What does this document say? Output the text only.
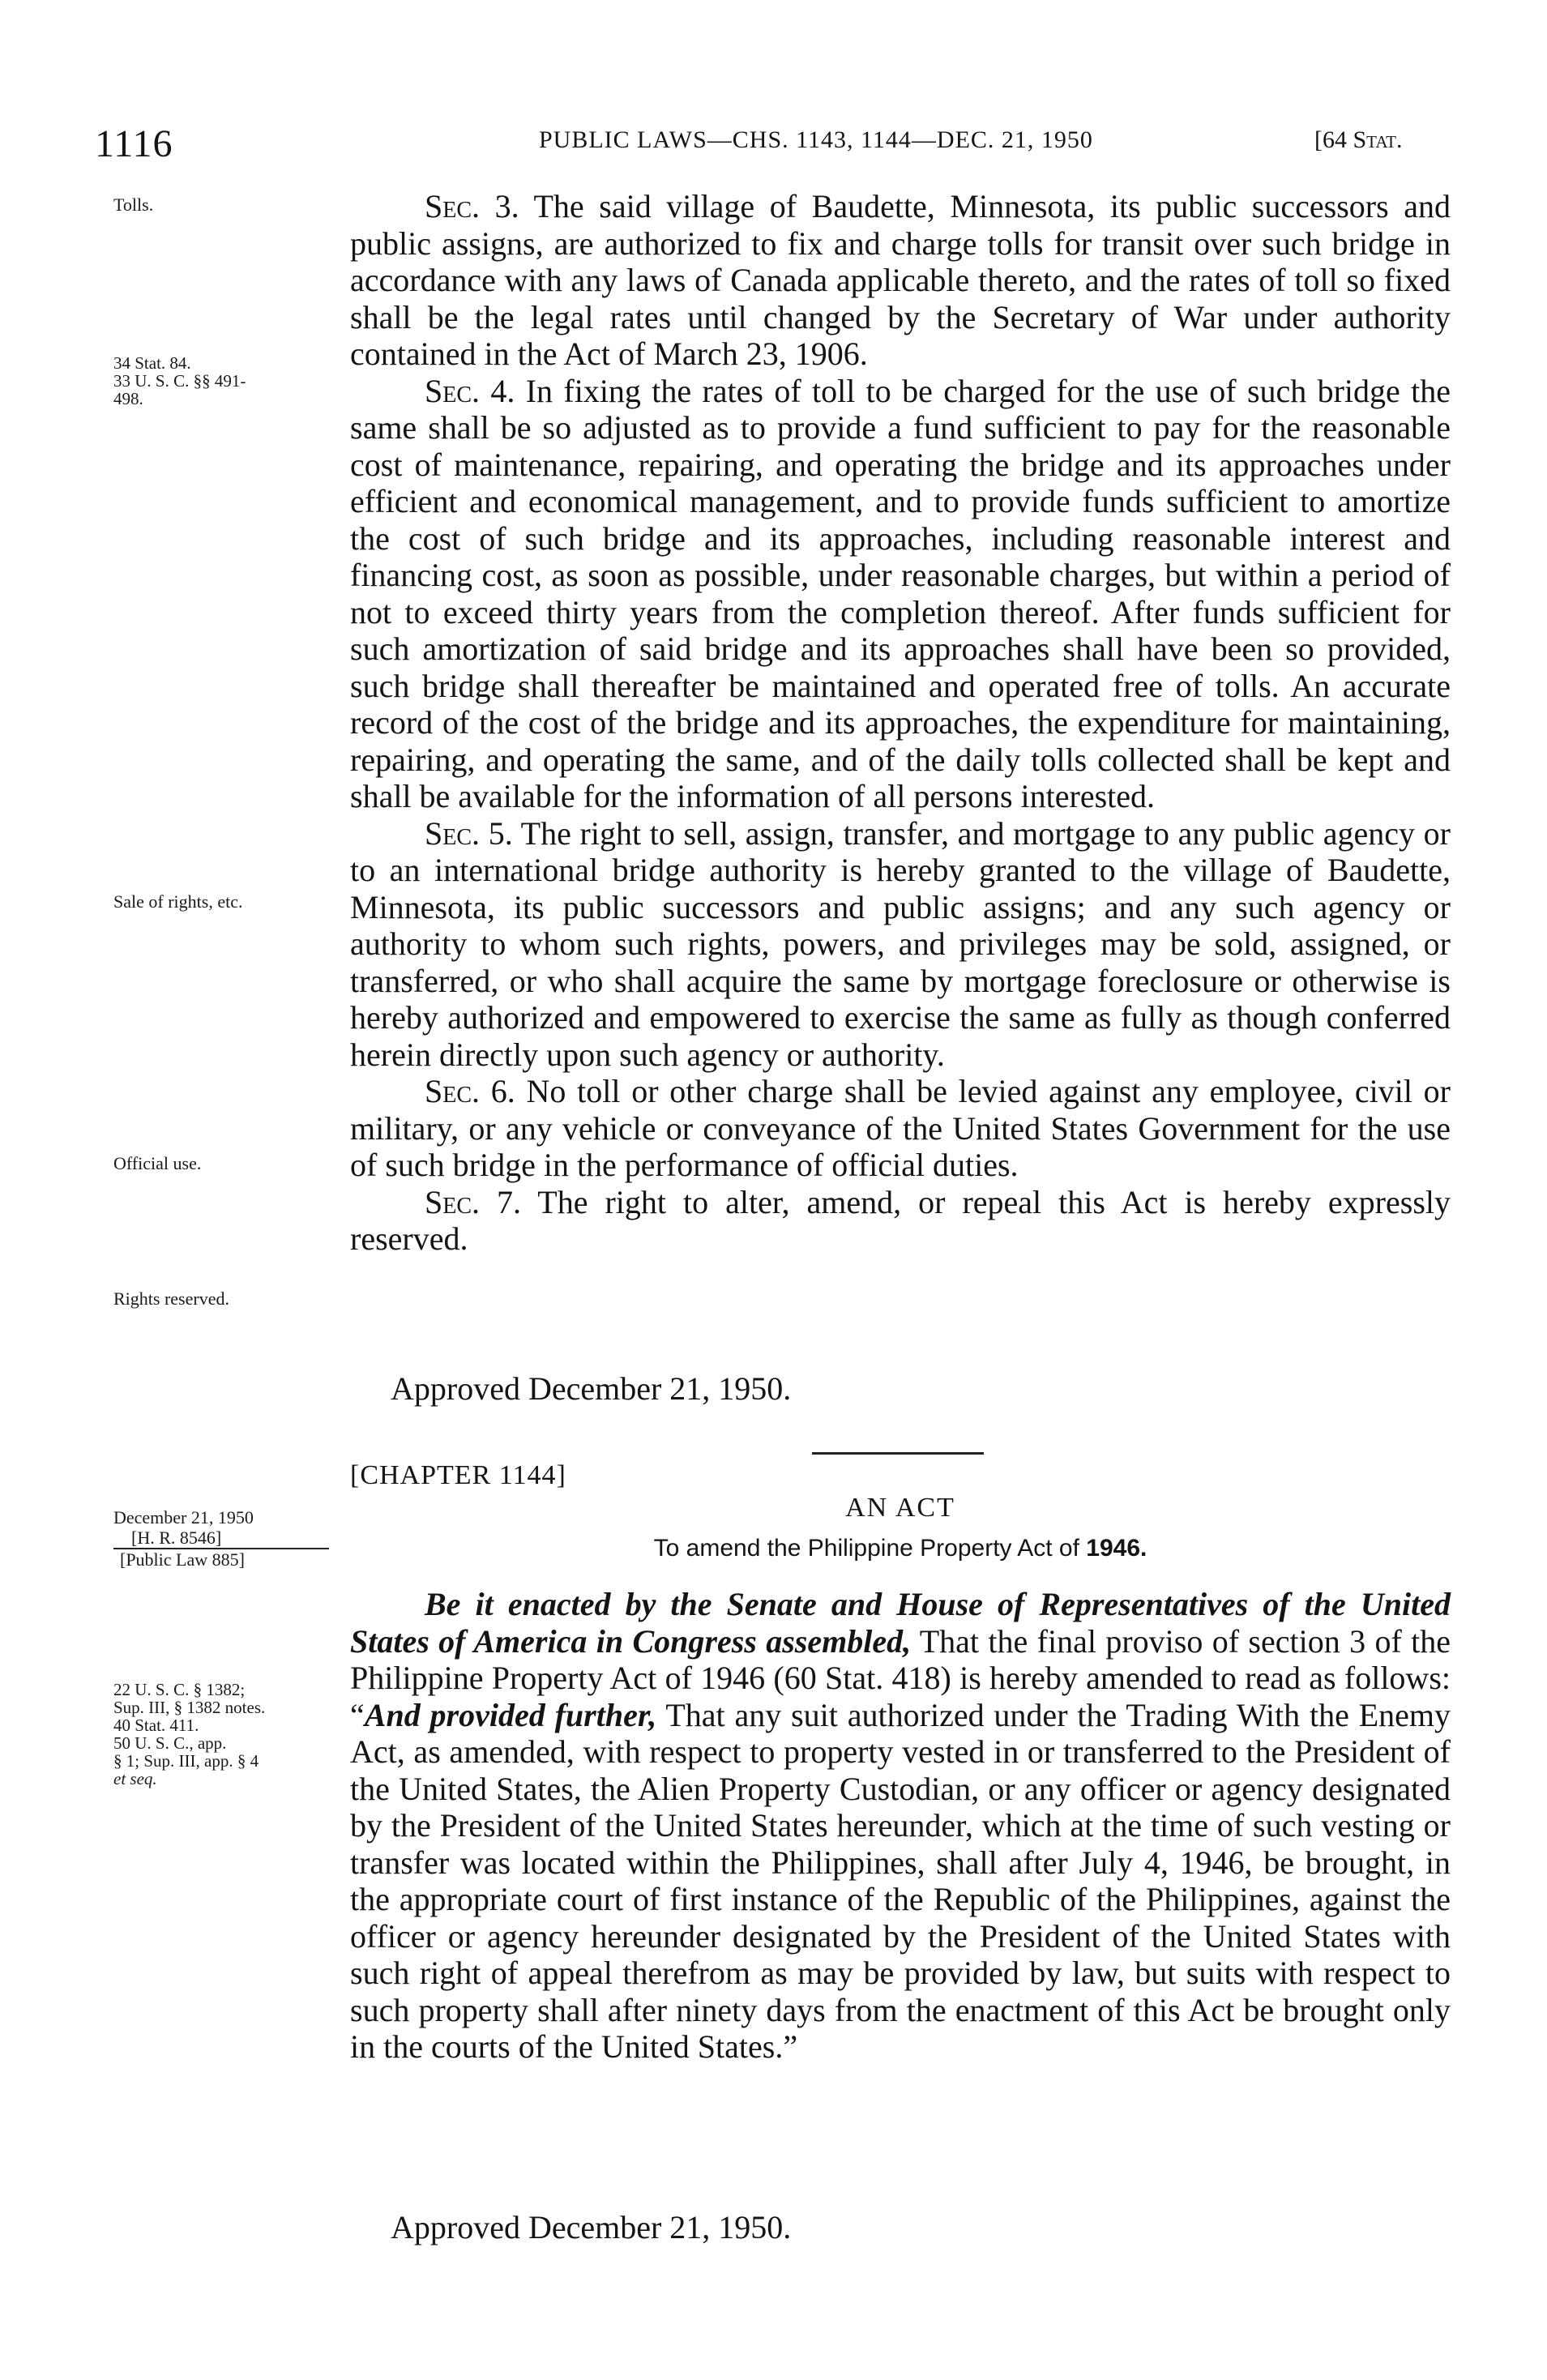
1116	PUBLIC LAWS—CHS. 1143, 1144—DEC. 21, 1950	[64 Stat.
Tolls.
34 Stat. 84.
33 U. S. C. §§ 491-
498.
Sale of rights, etc.
Official use.
Rights reserved.
December 21, 1950
[H. R. 8546]
[Public Law 885]
22 U. S. C. § 1382;
Sup. III, § 1382 notes.
40 Stat. 411.
50 U. S. C., app.
§ 1; Sup. III, app. § 4
et seq.

Sec. 3. The said village of Baudette, Minnesota, its public successors and public assigns, are authorized to fix and charge tolls for transit over such bridge in accordance with any laws of Canada applicable thereto, and the rates of toll so fixed shall be the legal rates until changed by the Secretary of War under authority contained in the Act of March 23, 1906.

Sec. 4. In fixing the rates of toll to be charged for the use of such bridge the same shall be so adjusted as to provide a fund sufficient to pay for the reasonable cost of maintenance, repairing, and operating the bridge and its approaches under efficient and economical management, and to provide funds sufficient to amortize the cost of such bridge and its approaches, including reasonable interest and financing cost, as soon as possible, under reasonable charges, but within a period of not to exceed thirty years from the completion thereof. After funds sufficient for such amortization of said bridge and its approaches shall have been so provided, such bridge shall thereafter be maintained and operated free of tolls. An accurate record of the cost of the bridge and its approaches, the expenditure for maintaining, repairing, and operating the same, and of the daily tolls collected shall be kept and shall be available for the information of all persons interested.

Sec. 5. The right to sell, assign, transfer, and mortgage to any public agency or to an international bridge authority is hereby granted to the village of Baudette, Minnesota, its public successors and public assigns; and any such agency or authority to whom such rights, powers, and privileges may be sold, assigned, or transferred, or who shall acquire the same by mortgage foreclosure or otherwise is hereby authorized and empowered to exercise the same as fully as though conferred herein directly upon such agency or authority.

Sec. 6. No toll or other charge shall be levied against any employee, civil or military, or any vehicle or conveyance of the United States Government for the use of such bridge in the performance of official duties.

Sec. 7. The right to alter, amend, or repeal this Act is hereby expressly reserved.

Approved December 21, 1950.
[CHAPTER 1144]
AN ACT
To amend the Philippine Property Act of 1946.

Be it enacted by the Senate and House of Representatives of the United States of America in Congress assembled, That the final proviso of section 3 of the Philippine Property Act of 1946 (60 Stat. 418) is hereby amended to read as follows: “And provided further, That any suit authorized under the Trading With the Enemy Act, as amended, with respect to property vested in or transferred to the President of the United States, the Alien Property Custodian, or any officer or agency designated by the President of the United States hereunder, which at the time of such vesting or transfer was located within the Philippines, shall after July 4, 1946, be brought, in the appropriate court of first instance of the Republic of the Philippines, against the officer or agency hereunder designated by the President of the United States with such right of appeal therefrom as may be provided by law, but suits with respect to such property shall after ninety days from the enactment of this Act be brought only in the courts of the United States.”

Approved December 21, 1950.
